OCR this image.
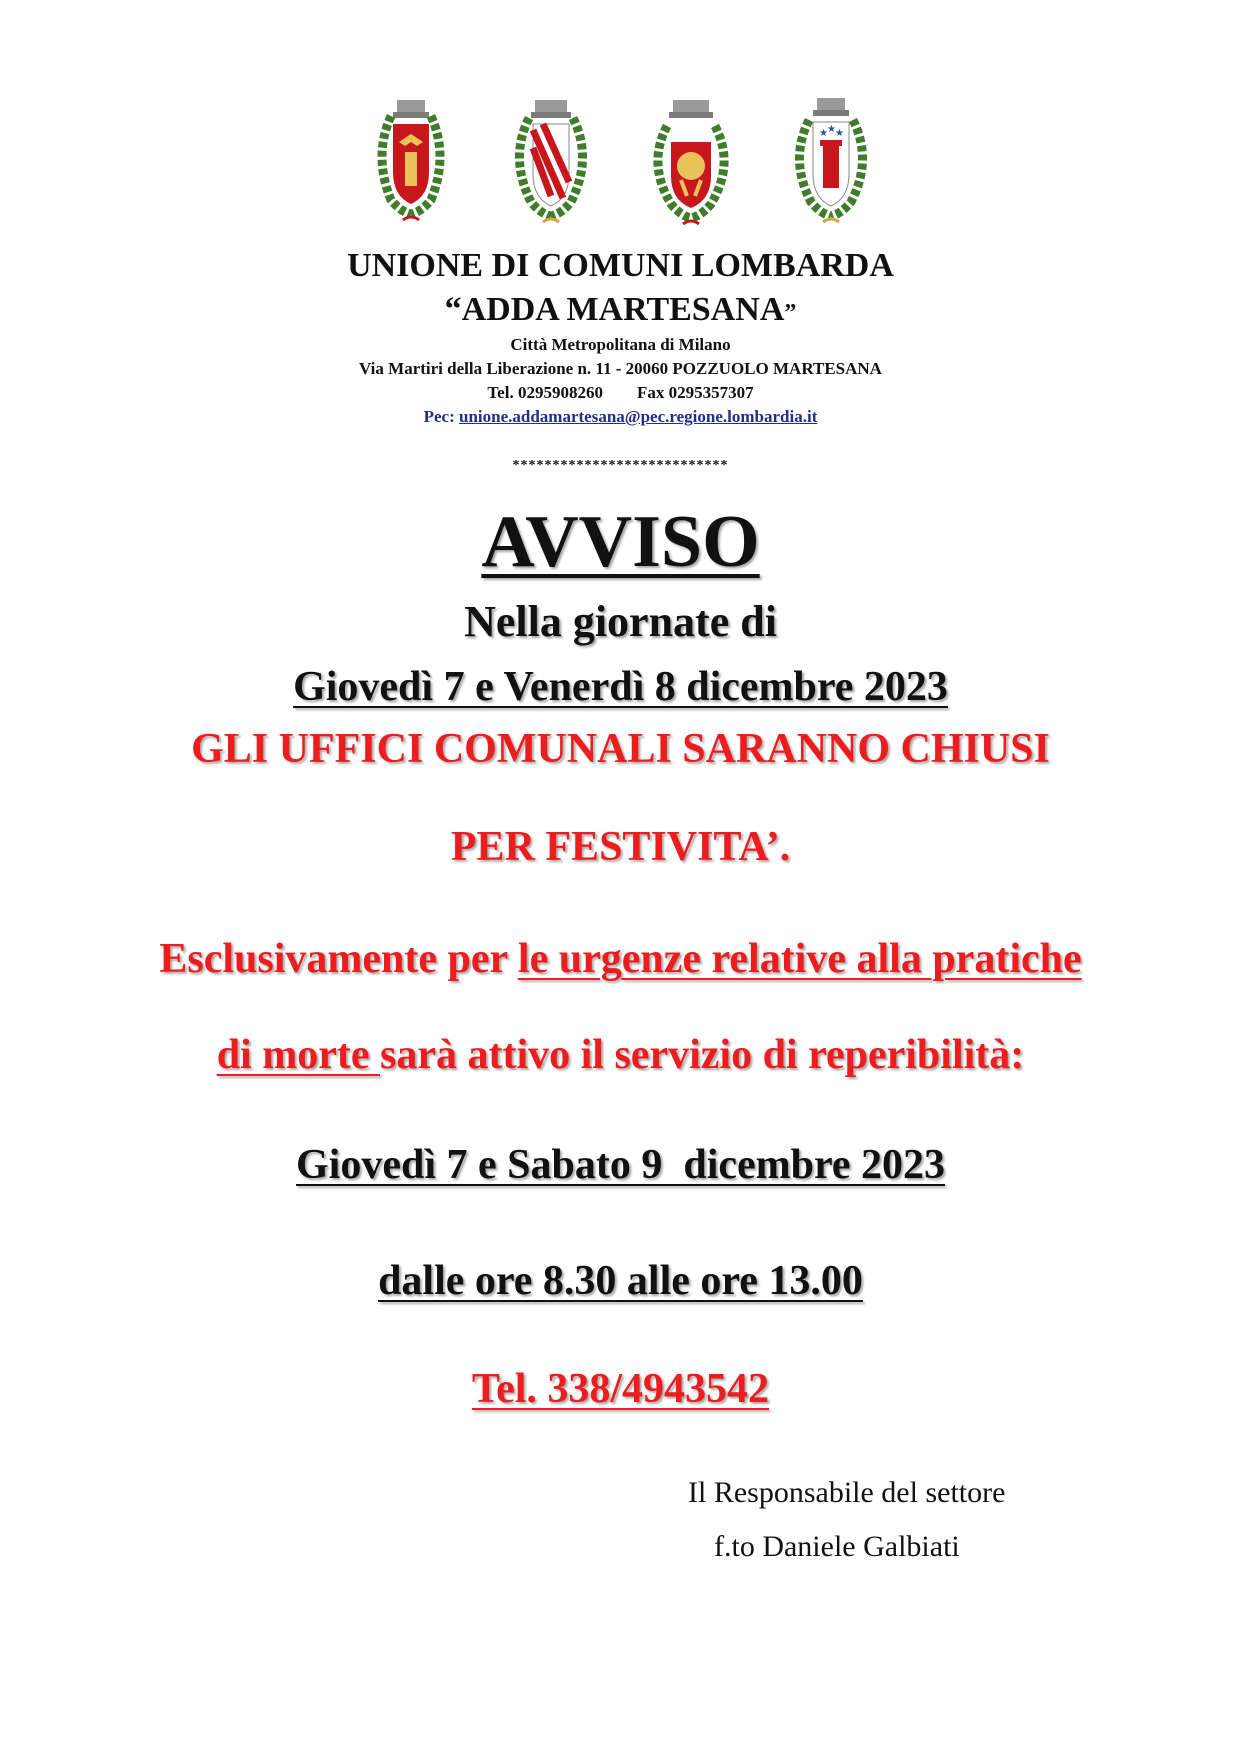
★ ★ ★
UNIONE DI COMUNI LOMBARDA
“ADDA MARTESANA”
Città Metropolitana di Milano
Via Martiri della Liberazione n. 11 - 20060 POZZUOLO MARTESANA
Tel. 0295908260 Fax 0295357307
Pec: unione.addamartesana@pec.regione.lombardia.it
***************************
AVVISO
Nella giornate di
Giovedì 7 e Venerdì 8 dicembre 2023
GLI UFFICI COMUNALI SARANNO CHIUSI
PER FESTIVITA’.
Esclusivamente per le urgenze relative alla pratiche
di morte sarà attivo il servizio di reperibilità:
Giovedì 7 e Sabato 9  dicembre 2023
dalle ore 8.30 alle ore 13.00
Tel. 338/4943542
Il Responsabile del settore
f.to Daniele Galbiati
